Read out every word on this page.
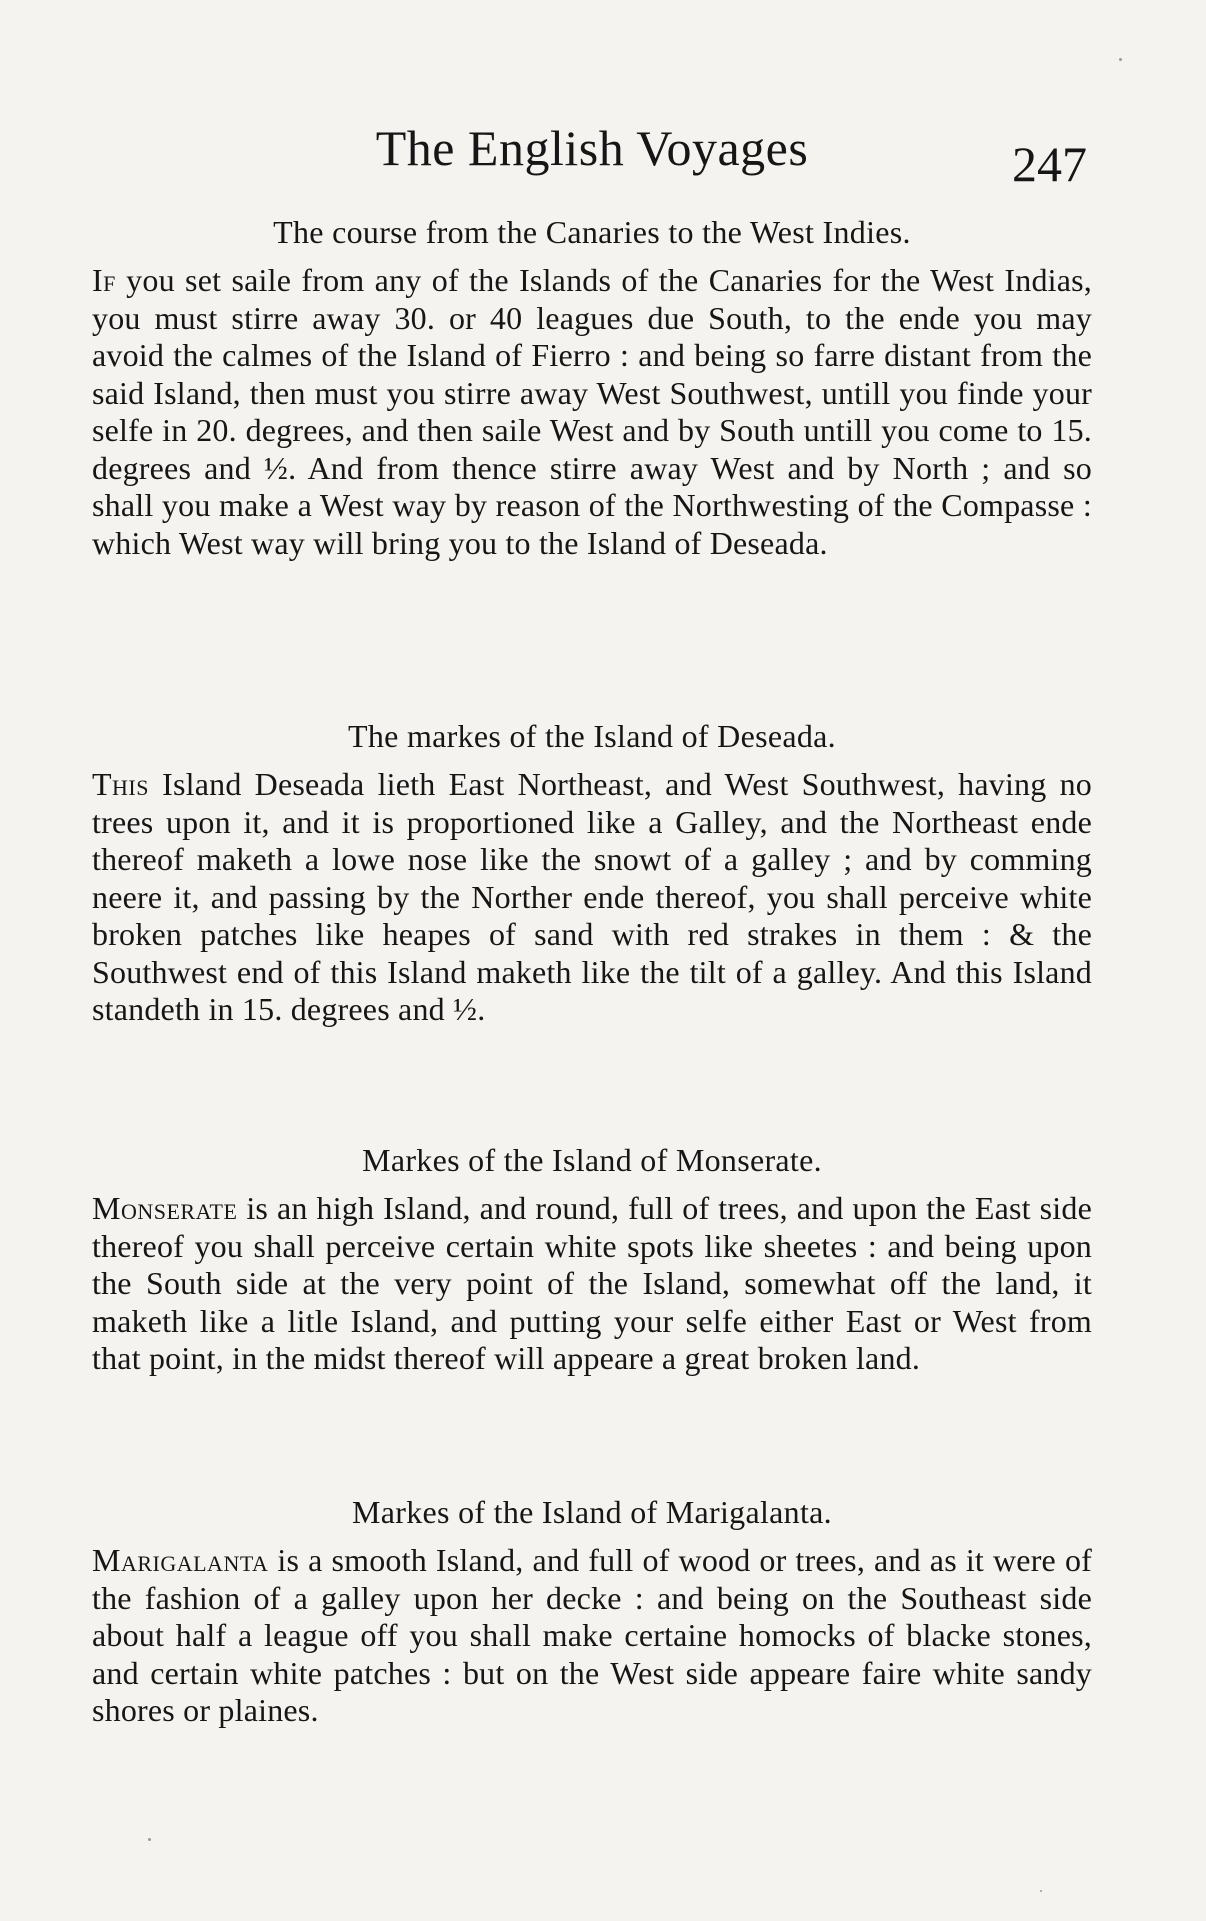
The English Voyages	247
The course from the Canaries to the West Indies.

If you set saile from any of the Islands of the Canaries for the West Indias, you must stirre away 30. or 40 leagues due South, to the ende you may avoid the calmes of the Island of Fierro : and being so farre distant from the said Island, then must you stirre away West Southwest, untill you finde your selfe in 20. degrees, and then saile West and by South untill you come to 15. degrees and ½. And from thence stirre away West and by North ; and so shall you make a West way by reason of the Northwesting of the Compasse : which West way will bring you to the Island of Deseada.

The markes of the Island of Deseada.

This Island Deseada lieth East Northeast, and West Southwest, having no trees upon it, and it is proportioned like a Galley, and the Northeast ende thereof maketh a lowe nose like the snowt of a galley ; and by comming neere it, and passing by the Norther ende thereof, you shall perceive white broken patches like heapes of sand with red strakes in them : & the Southwest end of this Island maketh like the tilt of a galley. And this Island standeth in 15. degrees and ½.

Markes of the Island of Monserate.

Monserate is an high Island, and round, full of trees, and upon the East side thereof you shall perceive certain white spots like sheetes : and being upon the South side at the very point of the Island, somewhat off the land, it maketh like a litle Island, and putting your selfe either East or West from that point, in the midst thereof will appeare a great broken land.

Markes of the Island of Marigalanta.

Marigalanta is a smooth Island, and full of wood or trees, and as it were of the fashion of a galley upon her decke : and being on the Southeast side about half a league off you shall make certaine homocks of blacke stones, and certain white patches : but on the West side appeare faire white sandy shores or plaines.
